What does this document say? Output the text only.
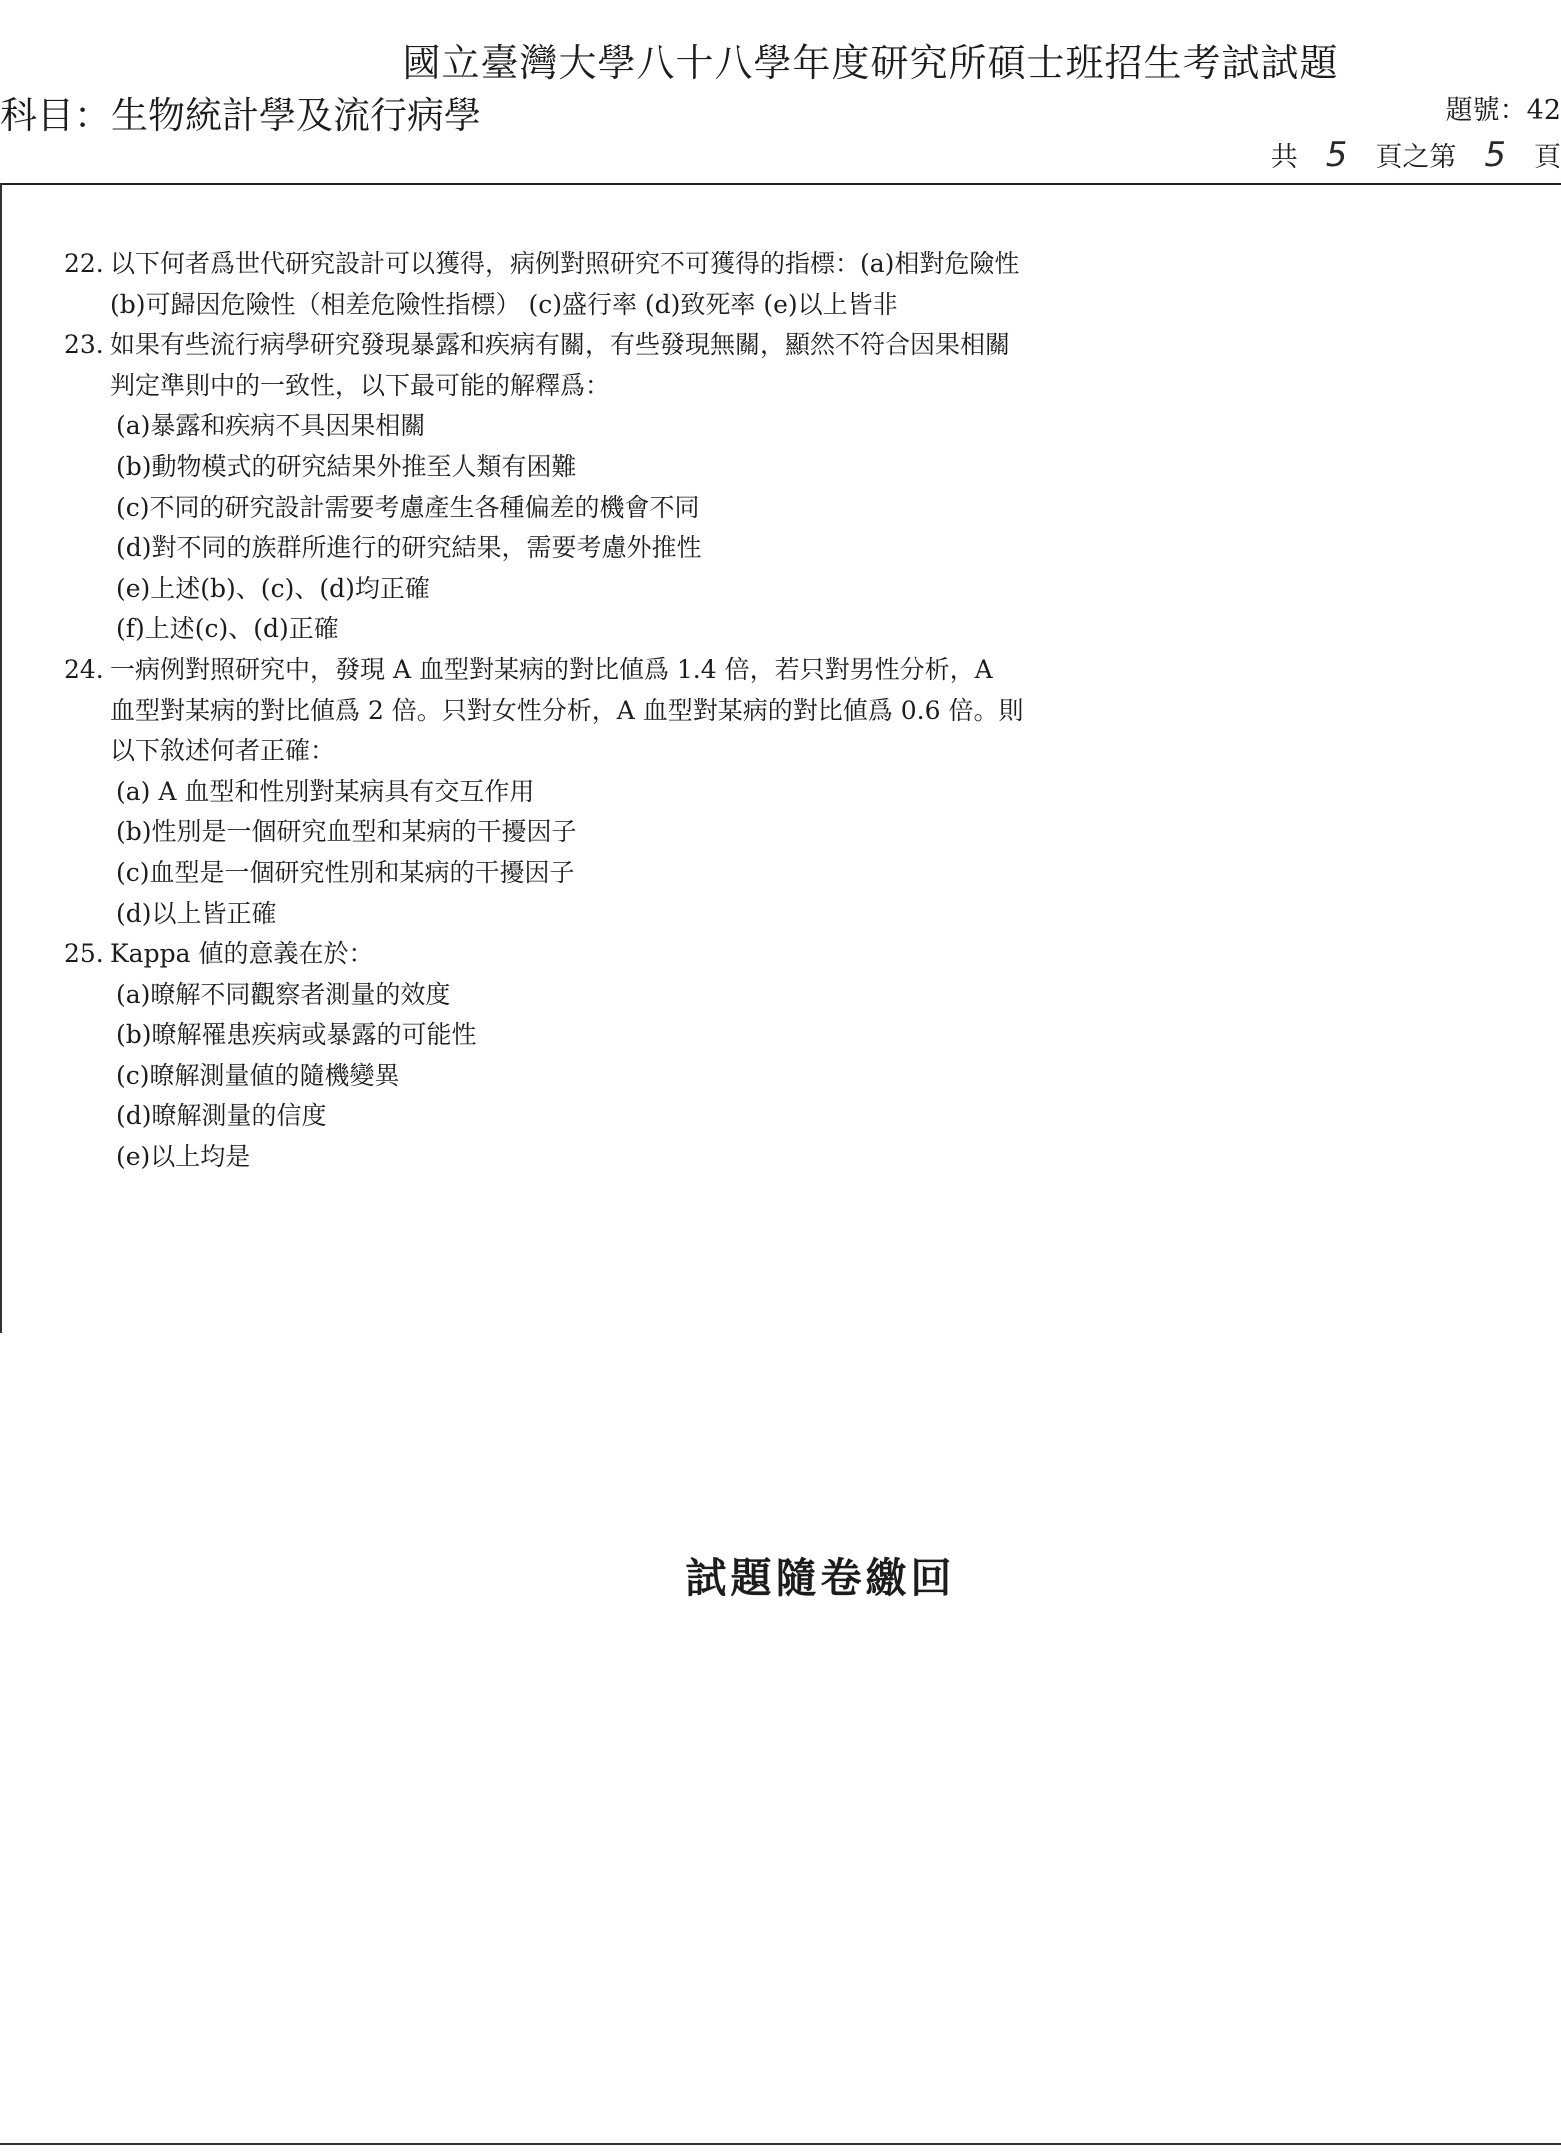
國立臺灣大學八十八學年度研究所碩士班招生考試試題
科目：生物統計學及流行病學	題號：42
共 5 頁之第 5 頁
22. 以下何者爲世代研究設計可以獲得，病例對照研究不可獲得的指標：(a)相對危險性 (b)可歸因危險性（相差危險性指標） (c)盛行率 (d)致死率 (e)以上皆非
23. 如果有些流行病學研究發現暴露和疾病有關，有些發現無關，顯然不符合因果相關判定準則中的一致性，以下最可能的解釋爲：
(a)暴露和疾病不具因果相關
(b)動物模式的研究結果外推至人類有困難
(c)不同的研究設計需要考慮產生各種偏差的機會不同
(d)對不同的族群所進行的研究結果，需要考慮外推性
(e)上述(b)、(c)、(d)均正確
(f)上述(c)、(d)正確
24. 一病例對照研究中，發現 A 血型對某病的對比値爲 1.4 倍，若只對男性分析，A 血型對某病的對比値爲 2 倍。只對女性分析，A 血型對某病的對比値爲 0.6 倍。則以下敘述何者正確：
(a) A 血型和性別對某病具有交互作用
(b)性別是一個研究血型和某病的干擾因子
(c)血型是一個研究性別和某病的干擾因子
(d)以上皆正確
25. Kappa 値的意義在於：
(a)暸解不同觀察者測量的效度
(b)暸解罹患疾病或暴露的可能性
(c)暸解測量値的隨機變異
(d)暸解測量的信度
(e)以上均是
試題隨卷繳回
